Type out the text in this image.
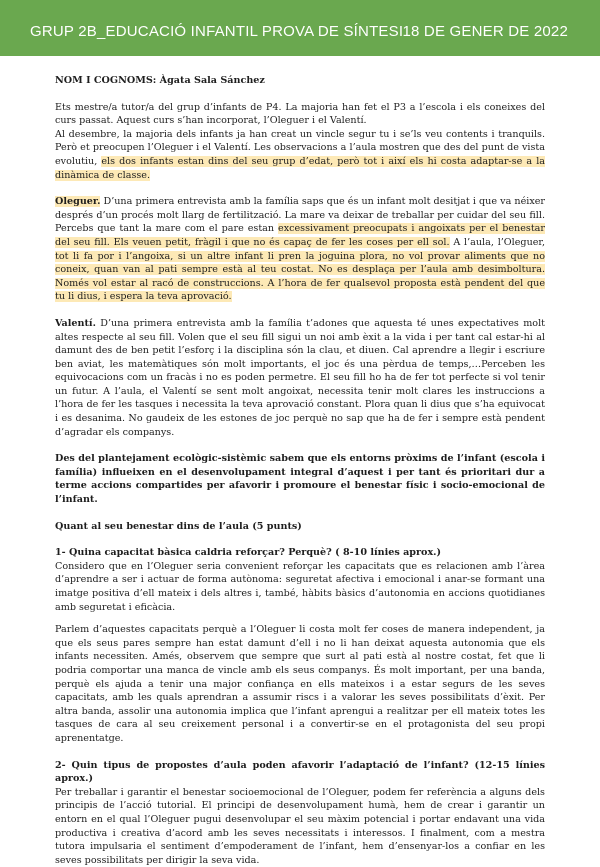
GRUP 2B_EDUCACIÓ INFANTIL PROVA DE SÍNTESI 18 DE GENER DE 2022

NOM I COGNOMS: Àgata Sala Sánchez

Ets mestre/a tutor/a del grup d’infants de P4. La majoria han fet el P3 a l’escola i els coneixes del curs passat. Aquest curs s’han incorporat, l’Oleguer i el Valentí.

Al desembre, la majoria dels infants ja han creat un vincle segur tu i se’ls veu contents i tranquils. Però et preocupen l’Oleguer i el Valentí. Les observacions a l’aula mostren que des del punt de vista evolutiu, els dos infants estan dins del seu grup d’edat, però tot i així els hi costa adaptar-se a la dinàmica de classe.

Oleguer. D’una primera entrevista amb la família saps que és un infant molt desitjat i que va néixer després d’un procés molt llarg de fertilització. La mare va deixar de treballar per cuidar del seu fill. Percebs que tant la mare com el pare estan excessivament preocupats i angoixats per el benestar del seu fill. Els veuen petit, fràgil i que no és capaç de fer les coses per ell sol. A l’aula, l’Oleguer, tot li fa por i l’angoixa, si un altre infant li pren la joguina plora, no vol provar aliments que no coneix, quan van al pati sempre està al teu costat. No es desplaça per l’aula amb desimboltura. Només vol estar al racó de construccions. A l’hora de fer qualsevol proposta està pendent del que tu li dius, i espera la teva aprovació.

Valentí. D’una primera entrevista amb la família t’adones que aquesta té unes expectatives molt altes respecte al seu fill. Volen que el seu fill sigui un noi amb èxit a la vida i per tant cal estar-hi al damunt des de ben petit l’esforç i la disciplina són la clau, et diuen. Cal aprendre a llegir i escriure ben aviat, les matemàtiques són molt importants, el joc és una pèrdua de temps,…Perceben les equivocacions com un fracàs i no es poden permetre. El seu fill ho ha de fer tot perfecte si vol tenir un futur. A l’aula, el Valentí se sent molt angoixat, necessita tenir molt clares les instruccions a l’hora de fer les tasques i necessita la teva aprovació constant. Plora quan li dius que s’ha equivocat i es desanima. No gaudeix de les estones de joc perquè no sap que ha de fer i sempre està pendent d’agradar els companys.

Des del plantejament ecològic-sistèmic sabem que els entorns pròxims de l’infant (escola i família) influeixen en el desenvolupament integral d’aquest i per tant és prioritari dur a terme accions compartides per afavorir i promoure el benestar físic i socio-emocional de l’infant.

Quant al seu benestar dins de l’aula (5 punts)

1- Quina capacitat bàsica caldria reforçar? Perquè? ( 8-10 línies aprox.)

Considero que en l’Oleguer seria convenient reforçar les capacitats que es relacionen amb l’àrea d’aprendre a ser i actuar de forma autònoma: seguretat afectiva i emocional i anar-se formant una imatge positiva d’ell mateix i dels altres i, també, hàbits bàsics d’autonomia en accions quotidianes amb seguretat i eficàcia.

Parlem d’aquestes capacitats perquè a l’Oleguer li costa molt fer coses de manera independent, ja que els seus pares sempre han estat damunt d’ell i no li han deixat aquesta autonomia que els infants necessiten. Amés, observem que sempre que surt al pati està al nostre costat, fet que li podria comportar una manca de vincle amb els seus companys. És molt important, per una banda, perquè els ajuda a tenir una major confiança en ells mateixos i a estar segurs de les seves capacitats, amb les quals aprendran a assumir riscs i a valorar les seves possibilitats d’èxit. Per altra banda, assolir una autonomia implica que l’infant aprengui a realitzar per ell mateix totes les tasques de cara al seu creixement personal i a convertir-se en el protagonista del seu propi aprenentatge.

2- Quin tipus de propostes d’aula poden afavorir l’adaptació de l’infant? (12-15 línies aprox.)

Per treballar i garantir el benestar socioemocional de l’Oleguer, podem fer referència a alguns dels principis de l’acció tutorial. El principi de desenvolupament humà, hem de crear i garantir un entorn en el qual l’Oleguer pugui desenvolupar el seu màxim potencial i portar endavant una vida productiva i creativa d’acord amb les seves necessitats i interessos. I finalment, com a mestra tutora impulsaria el sentiment d’empoderament de l’infant, hem d’ensenyar-los a confiar en les seves possibilitats per dirigir la seva vida.
